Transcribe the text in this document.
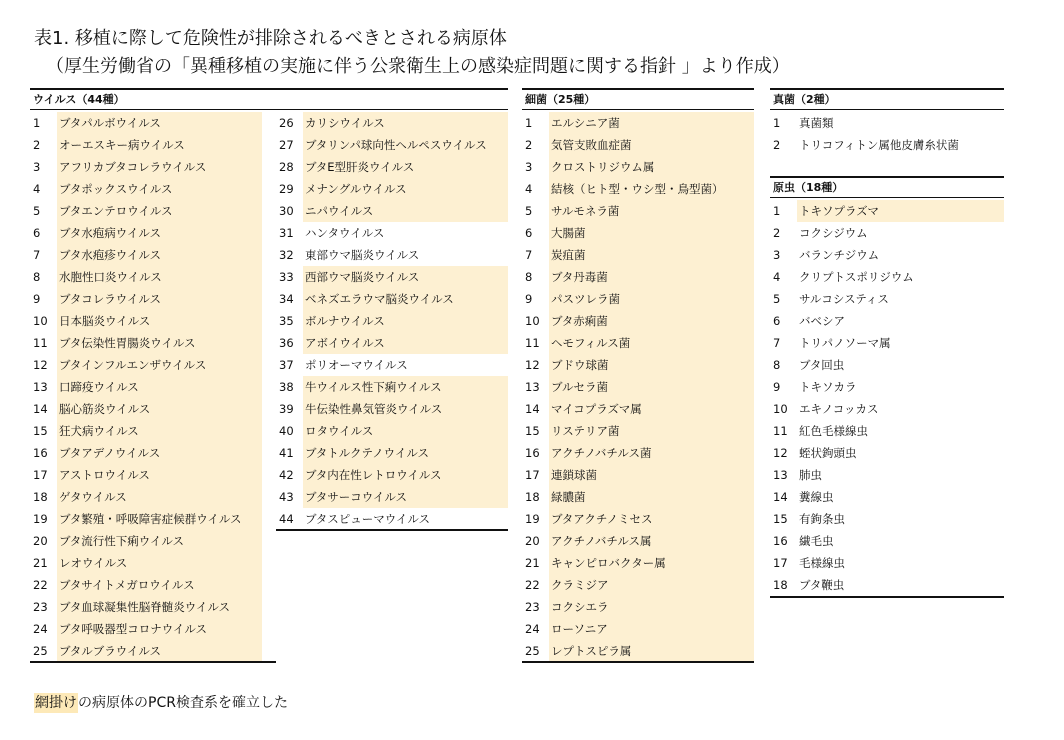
表1. 移植に際して危険性が排除されるべきとされる病原体
（厚生労働省の「異種移植の実施に伴う公衆衛生上の感染症問題に関する指針 」より作成）
ウイルス（44種）
1	ブタパルボウイルス
2	オーエスキー病ウイルス
3	アフリカブタコレラウイルス
4	ブタポックスウイルス
5	ブタエンテロウイルス
6	ブタ水疱病ウイルス
7	ブタ水疱疹ウイルス
8	水胞性口炎ウイルス
9	ブタコレラウイルス
10 日本脳炎ウイルス
11 ブタ伝染性胃腸炎ウイルス
12 ブタインフルエンザウイルス
13 口蹄疫ウイルス
14 脳心筋炎ウイルス
15 狂犬病ウイルス
16 ブタアデノウイルス
17 アストロウイルス
18 ゲタウイルス
19 ブタ繁殖・呼吸障害症候群ウイルス
20 ブタ流行性下痢ウイルス
21 レオウイルス
22 ブタサイトメガロウイルス
23 ブタ血球凝集性脳脊髄炎ウイルス
24 ブタ呼吸器型コロナウイルス
25 ブタルブラウイルス
26 カリシウイルス
27 ブタリンパ球向性ヘルペスウイルス
28 ブタE型肝炎ウイルス
29 メナングルウイルス
30 ニパウイルス
31 ハンタウイルス
32 東部ウマ脳炎ウイルス
33 西部ウマ脳炎ウイルス
34 ベネズエラウマ脳炎ウイルス
35 ボルナウイルス
36 アボイウイルス
37 ポリオーマウイルス
38 牛ウイルス性下痢ウイルス
39 牛伝染性鼻気管炎ウイルス
40 ロタウイルス
41 ブタトルクテノウイルス
42 ブタ内在性レトロウイルス
43 ブタサーコウイルス
44 ブタスピューマウイルス
細菌（25種）
1	エルシニア菌
2	気管支敗血症菌
3	クロストリジウム属
4	結核（ヒト型・ウシ型・鳥型菌）
5	サルモネラ菌
6	大腸菌
7	炭疽菌
8	ブタ丹毒菌
9	パスツレラ菌
10 ブタ赤痢菌
11 ヘモフィルス菌
12 ブドウ球菌
13 ブルセラ菌
14 マイコプラズマ属
15 リステリア菌
16 アクチノバチルス菌
17 連鎖球菌
18 緑膿菌
19 ブタアクチノミセス
20 アクチノバチルス属
21 キャンピロバクター属
22 クラミジア
23 コクシエラ
24 ローソニア
25 レプトスピラ属
真菌（2種）
1	真菌類
2	トリコフィトン属他皮膚糸状菌
原虫（18種）
1	トキソプラズマ
2	コクシジウム
3	バランチジウム
4	クリプトスポリジウム
5	サルコシスティス
6	バベシア
7	トリパノソーマ属
8	ブタ回虫
9	トキソカラ
10 エキノコッカス
11 紅色毛様線虫
12 蛭状鉤頭虫
13 肺虫
14 糞線虫
15 有鉤条虫
16 繊毛虫
17 毛様線虫
18 ブタ鞭虫
網掛けの病原体のPCR検査系を確立した
